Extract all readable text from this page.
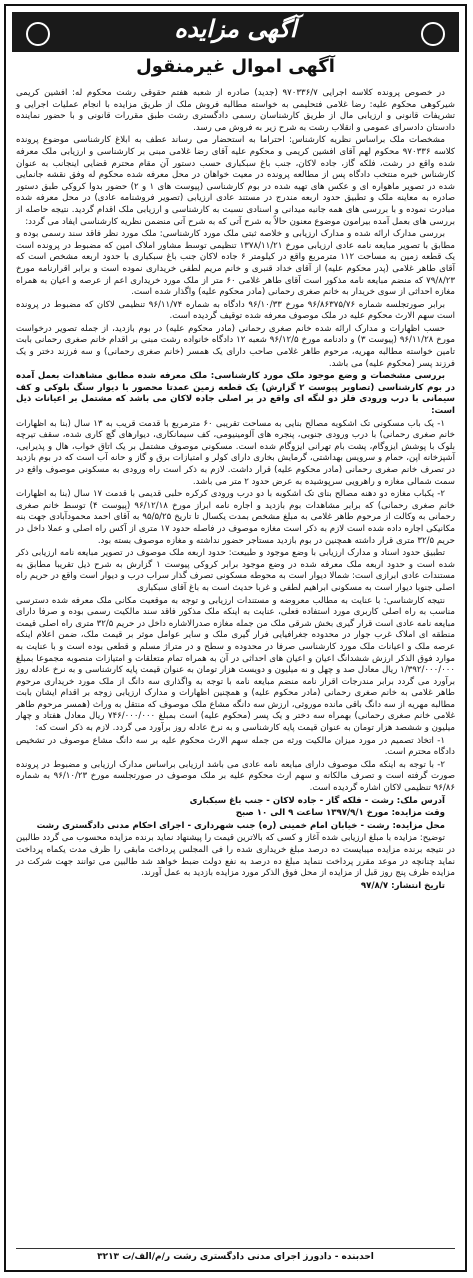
آگهی مزایده
آگهی اموال غیرمنقول

در خصوص پرونده کلاسه اجرایی ۹۷۰۳۳۶/۷ (جدید) صادره از شعبه هفتم حقوقی رشت محکوم له: افشین کریمی شیرکوهی محکوم علیه: رضا غلامی فتحلیمی به خواسته مطالبه فروش ملک از طریق مزایده با انجام عملیات اجرایی و تشریفات قانونی و ارزیابی مال از طریق کارشناسان رسمی دادگستری رشت طبق مقررات قانونی و با حضور نماینده دادستان دادسرای عمومی و انقلاب رشت به شرح زیر به فروش می رسد.

مشخصات ملک براساس نظریه کارشناس: احتراما به استحضار می رساند عطف به ابلاغ کارشناسی موضوع پرونده کلاسه ۹۷۰۳۳۶ محکوم لهم آقای افشین کریمی و محکوم علیه آقای رضا غلامی مبنی بر کارشناسی و ارزیابی ملک معرفه شده واقع در رشت، فلکه گاز، جاده لاکان، جنب باغ سبکباری حسب دستور آن مقام محترم قضایی اینجانب به عنوان کارشناس خبره منتخب دادگاه پس از مطالعه پرونده در معیت خواهان در محل معرفه شده محکوم له وفق نقشه جانمایی شده در تصویر ماهواره ای و عکس های تهیه شده در بوم کارشناسی (پیوست های ۱ و ۲) حضور بدوا کروکی طبق دستور صادره به معاینه ملک و تطبیق حدود اربعه مندرج در مستند عادی ارزیابی (تصویر فروشنامه عادی) در محل معرفه شده مبادرت نموده و با بررسی های همه جانبه میدانی و اسنادی نسبت به کارشناسی و ارزیابی ملک اقدام گردید. نتیجه حاصله از بررسی های بعمل آمده بیرامون موضوع معنون حالاً به شرح آتی که به شرح آتی منضمن نظریه کارشناسی ایفاد می گردد:

بررسی مدارک ارائه شده و مدارک ارزیابی و خلاصه ثبتی ملک مورد کارشناسی: ملک مورد نظر فاقد سند رسمی بوده و مطابق با تصویر مبایعه نامه عادی ارزیابی مورخ ۱۳۷۸/۱۱/۲۱ تنظیمی توسط مشاور املاک امین که مضبوط در پرونده است یک قطعه زمین به مساحت ۱۱۲ مترمربع واقع در کیلومتر ۶ جاده لاکان جنب باغ سبکباری با حدود اربعه مشخص است که آقای طاهر غلامی (پدر محکوم علیه) از آقای خداد قنبری و خانم مریم لطفی خریداری نموده است و برابر اقرارنامه مورخ ۷۹/۸/۲۳ که منضم مبایعه نامه مذکور است آقای طاهر غلامی ۶۰ متر از ملک مورد خریداری اعم از عرصه و اعیان به همراه مغازه احداثی از سوی خریدار به خانم صغری رحمانی (مادر محکوم علیه) واگذار شده است.

برابر صورتجلسه شماره ۹۶/۸۶۳۷۵/۷۶ مورخ ۹۶/۱۰/۳۳ دادگاه به شماره ۹۶/۱۱/۷۴ تنظیمی لاکان که مضبوط در پرونده است سهم الارث محکوم علیه در ملک موصوف معرفه شده توقیف گردیده است.

حسب اظهارات و مدارک ارائه شده خانم صغری رحمانی (مادر محکوم علیه) در بوم بازدید، از جمله تصویر درخواست مورخ ۹۶/۱۱/۲۸ (پیوست ۳) و دادنامه مورخ ۹۶/۱۲/۵ شعبه ۱۲ دادگاه خانواده رشت مبنی بر اقدام خانم صغری رحمانی بابت تامین خواسته مطالبه مهریه، مرحوم طاهر غلامی صاحب دارای یک همسر (خانم صغری رحمانی) و سه فرزند دختر و یک فرزند پسر (محکوم علیه) می باشد.

بررسی مشخصات و وضع موجود ملک مورد کارشناسی: ملک معرفه شده مطابق مشاهدات بعمل آمده در بوم کارشناسی (تصاویر پیوست ۲ گزارش) یک قطعه زمین عمدتا محصور با دیوار سنگ بلوکی و کف سیمانی با درب ورودی فلز دو لنگه ای واقع در بر اصلی جاده لاکان می باشد که مشتمل بر اعیانات ذیل است:

۱- یک باب مسکونی تک اشکوبه مصالح بنایی به مساحت تقریبی ۶۰ مترمربع با قدمت قریب به ۱۳ سال (بنا به اظهارات خانم صغری رحمانی) با درب ورودی جنوبی، پنجره های آلومینیومی، کف سیمانکاری، دیوارهای گچ کاری شده، سقف تیرچه بلوک با پوشش ایزوگام، پشت بام تهرانی ایزوگام شده است. مسکونی موصوف مشتمل بر یک اتاق خواب، هال و پذیرایی، آشپزخانه اپن، حمام و سرویس بهداشتی، گرمایش بخاری دارای کولر و امتیازات برق و گاز و حانه آب است که در بوم بازدید در تصرف خانم صغری رحمانی (مادر محکوم علیه) قرار داشت. لازم به ذکر است راه ورودی به مسکونی موصوف واقع در سمت شمالی مغازه و راهرویی سرپوشیده به عرض حدود ۲ متر می باشد.

۲- یکباب مغازه دو دهنه مصالح بنای تک اشکوبه با دو درب ورودی کرکره حلبی قدیمی با قدمت ۱۷ سال (بنا به اظهارات خانم صغری رحمانی) که برابر مشاهدات بوم بازدید و اجاره نامه ابراز مورخ ۹۶/۱۲/۱۸ (پیوست ۴) توسط خانم صغری رحمانی به وکالت از مرحوم طاهر غلامی به مبلغ مشخص بمدت یکسال تا تاریخ ۹۵/۵/۲۵ به آقای احمد محمودآبادی جهت بنه مکانیکی اجاره داده شده است لازم به ذکر است مغازه موصوف در فاصله حدود ۱۷ متری از آکس راه اصلی و عملا داخل در حریم ۳۲/۵ متری قرار داشته همچنین در بوم بازدید مستاجر حضور نداشته و مغازه موصوف بسته بود.

تطبیق حدود اسناد و مدارک ارزیابی با وضع موجود و طبیعت: حدود اربعه ملک موصوف در تصویر مبایعه نامه ارزیابی ذکر شده است و حدود اربعه ملک معرفه شده در وضع موجود برابر کروکی پیوست ۱ گزارش به شرح ذیل تقریبا مطابق به مستندات عادی ابرازی است: شمالا دیوار است به محوطه مسکونی تصرف گذار سراب درب و دیوار است واقع در حریم راه اصلی جنوبا دیوار است به مسکونی ابراهیم لطفی و غربا حدیث است به باغ آقای سبکباری

نتیجه کارشناسی: با عنایت به مطالب معروضه و مستندات ارزیابی و توجه به موقعیت مکانی ملک معرفه شده دسترسی مناسب به راه اصلی کاربری مورد استفاده فعلی، عنایت به اینکه ملک مذکور فاقد سند مالکیت رسمی بوده و صرفا دارای مبایعه نامه عادی است قرار گیری بخش شرقی ملک من جمله مغازه صدرالاشاره داخل در حریم ۳۲/۵ متری راه اصلی قیمت منطقه ای املاک غرب جوار در محدوده جغرافیایی فرار گیری ملک و سایر عوامل موثر بر قیمت ملک، ضمن اعلام اینکه عرصه ملک و اعیانات ملک مورد کارشناسی صرفا در محدوده و سطح و در متراژ مسلم و قطعی بوده است و با عنایت به موارد فوق الذکر ارزش ششدانگ اعیان و اعیان های احداثی در آن به همراه تمام متعلقات و امتیازات منصوبه مجموعا بمبلغ ۱/۳۹۲/۰۰۰/۰۰۰ ریال معادل صد و چهل و نه میلیون و دویست هزار تومان به عنوان قیمت پایه کارشناسی و به نرخ عادله روز برآورد می گردد برابر مندرجات اقرار نامه منضم مبایعه نامه با توجه به واگذاری سه دانگ از ملک مورد خریداری مرحوم طاهر غلامی به خانم صغری رحمانی (مادر محکوم علیه) و همچنین اظهارات و مدارک ارزیابی زوجه بر اقدام ایشان بابت مطالبه مهریه از سه دانگ باقی مانده موروثی، ارزش سه دانگه مشاع ملک موصوف که منتقل به وراث (همسر مرحوم طاهر غلامی خانم صغری رحمانی) بهمراه سه دختر و یک پسر (محکوم علیه) است بمبلغ ۷۴۶/۰۰۰/۰۰۰ ریال معادل هفتاد و چهار میلیون و ششصد هزار تومان به عنوان قیمت پایه کارشناسی و به نرخ عادله روز برآورد می گردد. لازم به ذکر است که:

۱- اتخاذ تصمیم در مورد میزان مالکیت ورثه من جمله سهم الارث محکوم علیه بر سه دانگ مشاع موصوف در تشخیص دادگاه محترم است.

۲- با توجه به اینکه ملک موصوف دارای مبایعه نامه عادی می باشد ارزیابی براساس مدارک ارزیابی و مضبوط در پرونده صورت گرفته است و تصرف مالکانه و سهم ارث محکوم علیه بر ملک موصوف در صورتجلسه مورخ ۹۶/۱۰/۲۳ به شماره ۹۶/۸۶ تنظیمی لاکان اشاره گردیده است.

آدرس ملک: رشت - فلکه گاز - جاده لاکان - جنب باغ سبکباری

وقت مزایده: مورخ ۱۳۹۷/۹/۱ ساعت ۹ الی ۱۰ صبح

محل مزایده: رشت - خیابان امام خمینی (ره) جنب شهرداری - اجرای احکام مدنی دادگستری رشت

توضیح: مزایده با مبلغ ارزیابی شده آغاز و کسی که بالاترین قیمت را پیشنهاد نماید برنده مزایده محسوب می گردد طالبین در نتیجه برنده مزایده میبایست ده درصد مبلغ خریداری شده را فی المجلس پرداخت مابقی را ظرف مدت یکماه پرداخت نماید چنانچه در موعد مقرر پرداخت ننماید مبلغ ده درصد به نفع دولت ضبط خواهد شد طالبین می توانند جهت شرکت در مزایده ظرف پنج روز قبل از مزایده از محل فوق الذکر مورد مزایده بازدید به عمل آورند.

تاریخ انتشار: ۹۷/۸/۷

احدبنده - دادورز اجرای مدنی دادگستری رشت ر/م/الف/ت ۳۲۱۳
